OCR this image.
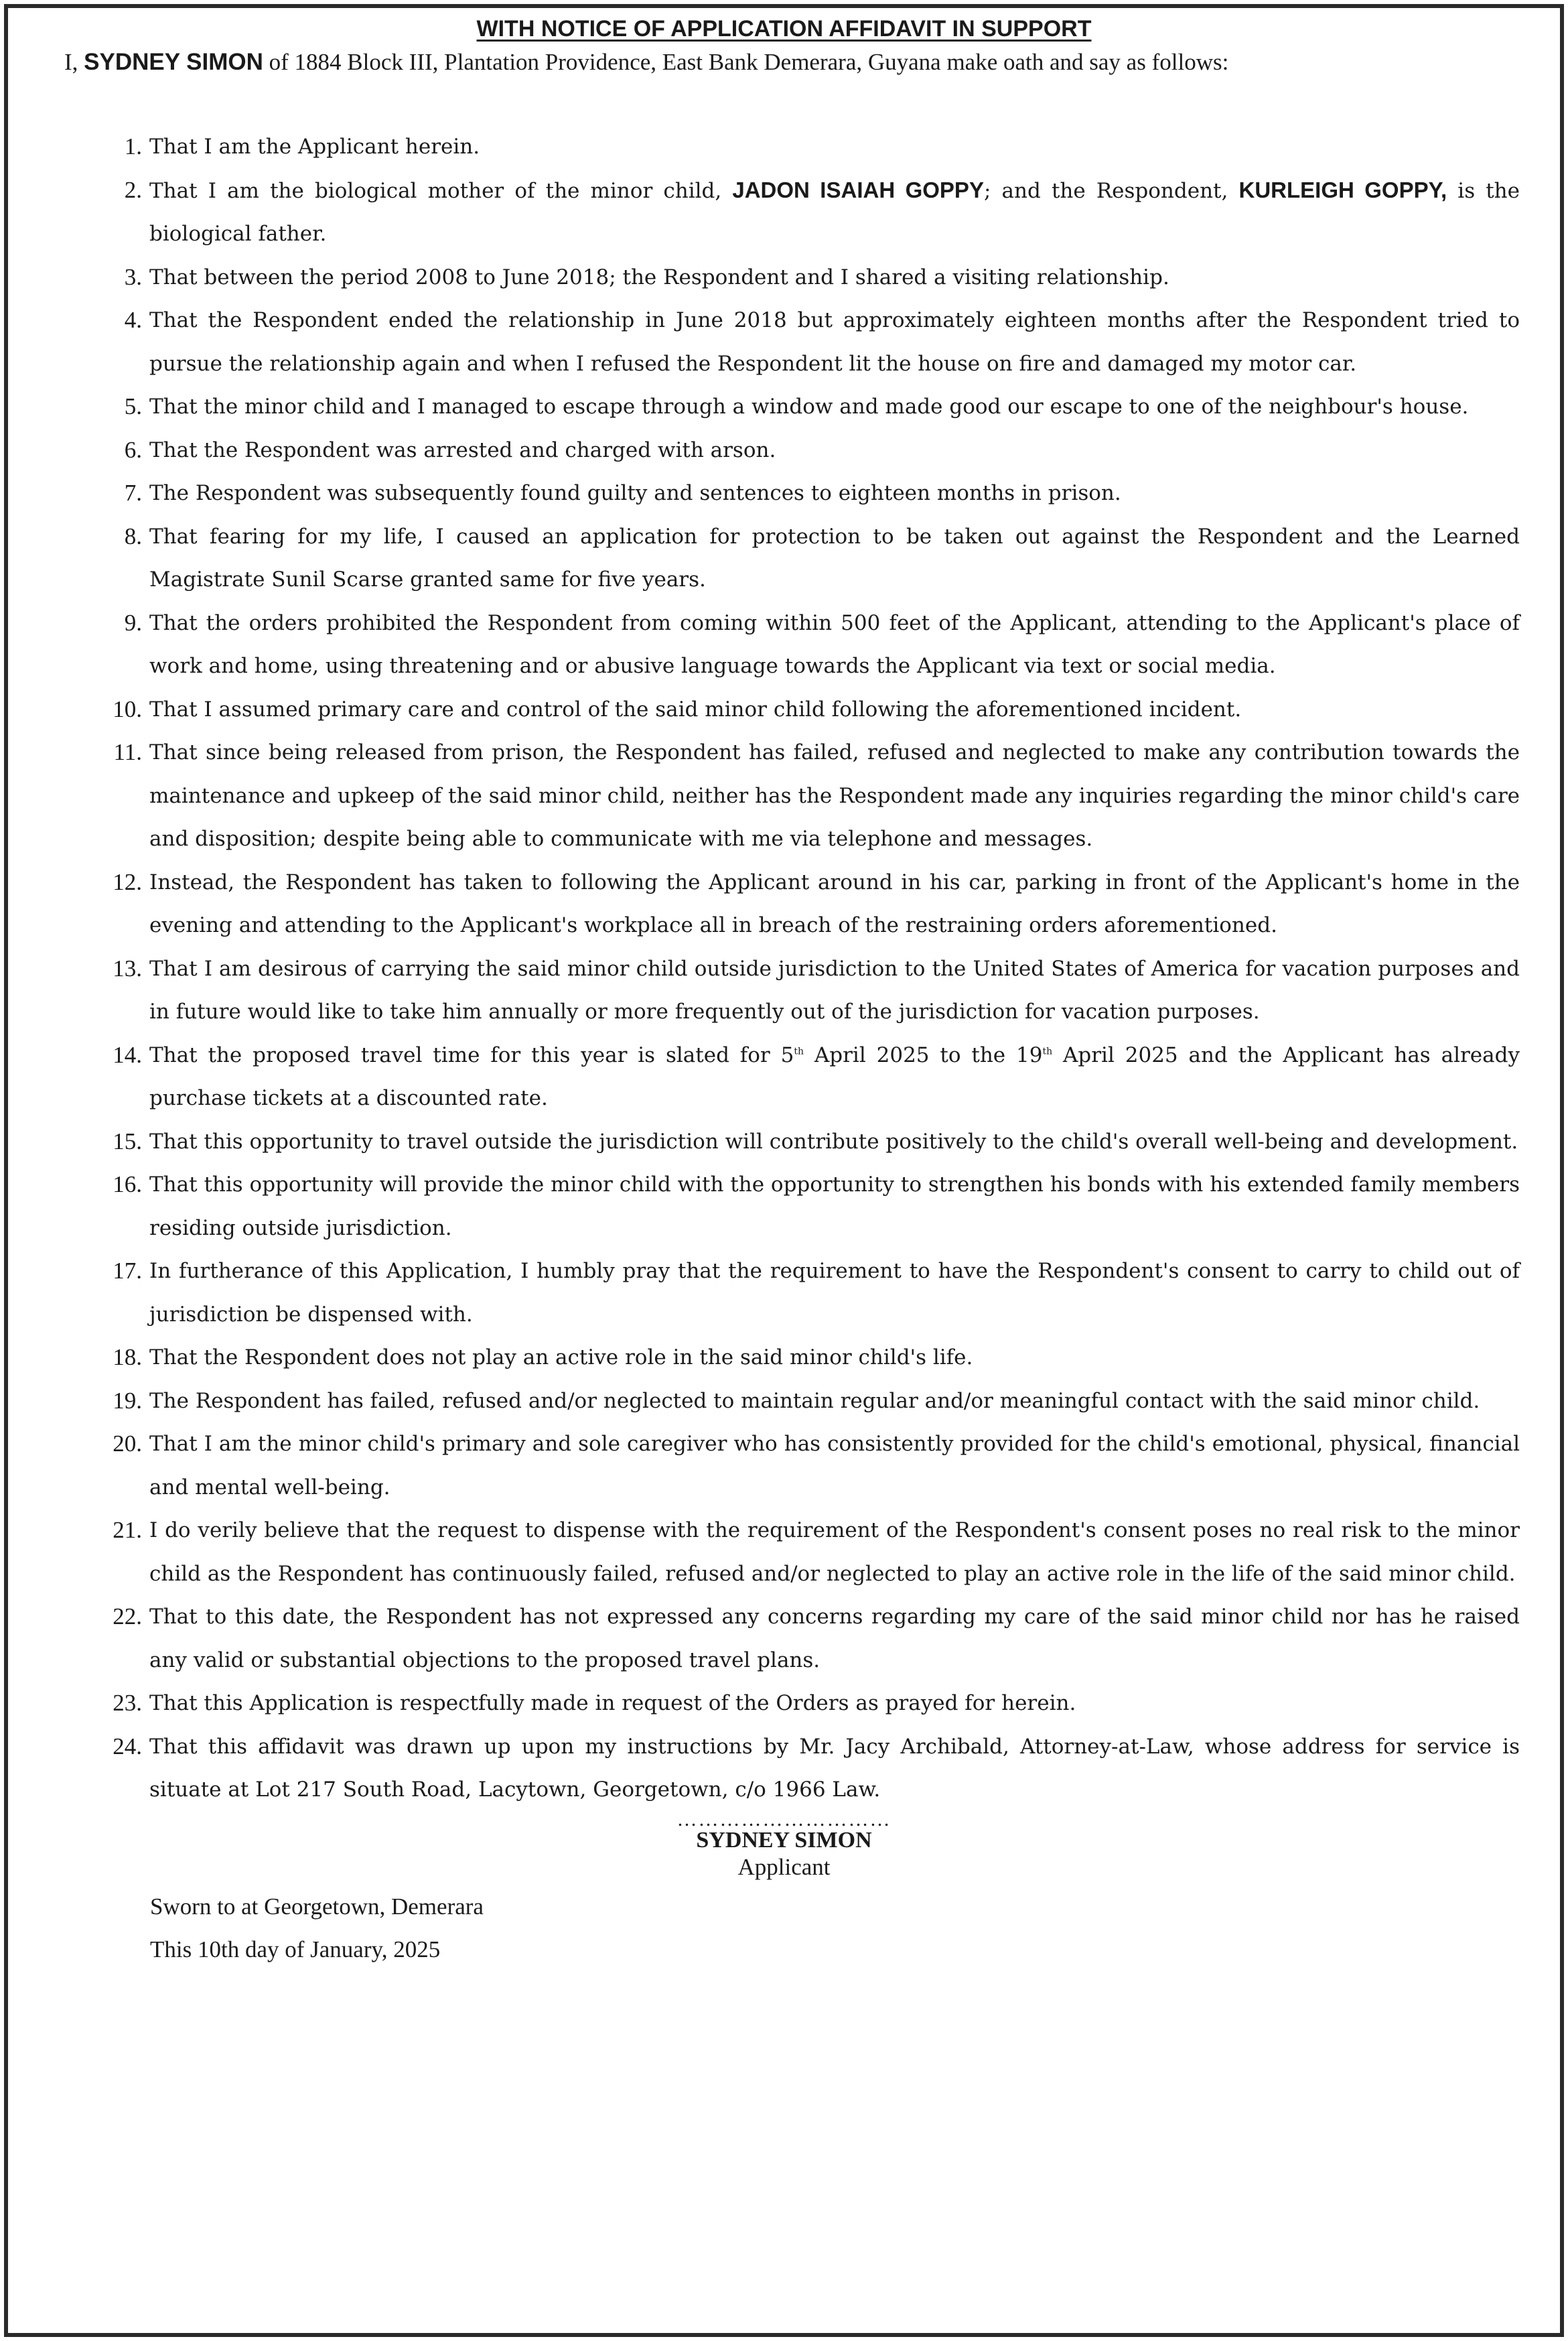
WITH NOTICE OF APPLICATION AFFIDAVIT IN SUPPORT
I, SYDNEY SIMON of 1884 Block III, Plantation Providence, East Bank Demerara, Guyana make oath and say as follows:
1. That I am the Applicant herein.
2. That I am the biological mother of the minor child, JADON ISAIAH GOPPY; and the Respondent, KURLEIGH GOPPY, is the biological father.
3. That between the period 2008 to June 2018; the Respondent and I shared a visiting relationship.
4. That the Respondent ended the relationship in June 2018 but approximately eighteen months after the Respondent tried to pursue the relationship again and when I refused the Respondent lit the house on fire and damaged my motor car.
5. That the minor child and I managed to escape through a window and made good our escape to one of the neighbour's house.
6. That the Respondent was arrested and charged with arson.
7. The Respondent was subsequently found guilty and sentences to eighteen months in prison.
8. That fearing for my life, I caused an application for protection to be taken out against the Respondent and the Learned Magistrate Sunil Scarse granted same for five years.
9. That the orders prohibited the Respondent from coming within 500 feet of the Applicant, attending to the Applicant's place of work and home, using threatening and or abusive language towards the Applicant via text or social media.
10. That I assumed primary care and control of the said minor child following the aforementioned incident.
11. That since being released from prison, the Respondent has failed, refused and neglected to make any contribution towards the maintenance and upkeep of the said minor child, neither has the Respondent made any inquiries regarding the minor child's care and disposition; despite being able to communicate with me via telephone and messages.
12. Instead, the Respondent has taken to following the Applicant around in his car, parking in front of the Applicant's home in the evening and attending to the Applicant's workplace all in breach of the restraining orders aforementioned.
13. That I am desirous of carrying the said minor child outside jurisdiction to the United States of America for vacation purposes and in future would like to take him annually or more frequently out of the jurisdiction for vacation purposes.
14. That the proposed travel time for this year is slated for 5th April 2025 to the 19th April 2025 and the Applicant has already purchase tickets at a discounted rate.
15. That this opportunity to travel outside the jurisdiction will contribute positively to the child's overall well-being and development.
16. That this opportunity will provide the minor child with the opportunity to strengthen his bonds with his extended family members residing outside jurisdiction.
17. In furtherance of this Application, I humbly pray that the requirement to have the Respondent's consent to carry to child out of jurisdiction be dispensed with.
18. That the Respondent does not play an active role in the said minor child's life.
19. The Respondent has failed, refused and/or neglected to maintain regular and/or meaningful contact with the said minor child.
20. That I am the minor child's primary and sole caregiver who has consistently provided for the child's emotional, physical, financial and mental well-being.
21. I do verily believe that the request to dispense with the requirement of the Respondent's consent poses no real risk to the minor child as the Respondent has continuously failed, refused and/or neglected to play an active role in the life of the said minor child.
22. That to this date, the Respondent has not expressed any concerns regarding my care of the said minor child nor has he raised any valid or substantial objections to the proposed travel plans.
23. That this Application is respectfully made in request of the Orders as prayed for herein.
24. That this affidavit was drawn up upon my instructions by Mr. Jacy Archibald, Attorney-at-Law, whose address for service is situate at Lot 217 South Road, Lacytown, Georgetown, c/o 1966 Law.
…………………………
SYDNEY SIMON
Applicant
Sworn to at Georgetown, Demerara
This 10th day of January, 2025
